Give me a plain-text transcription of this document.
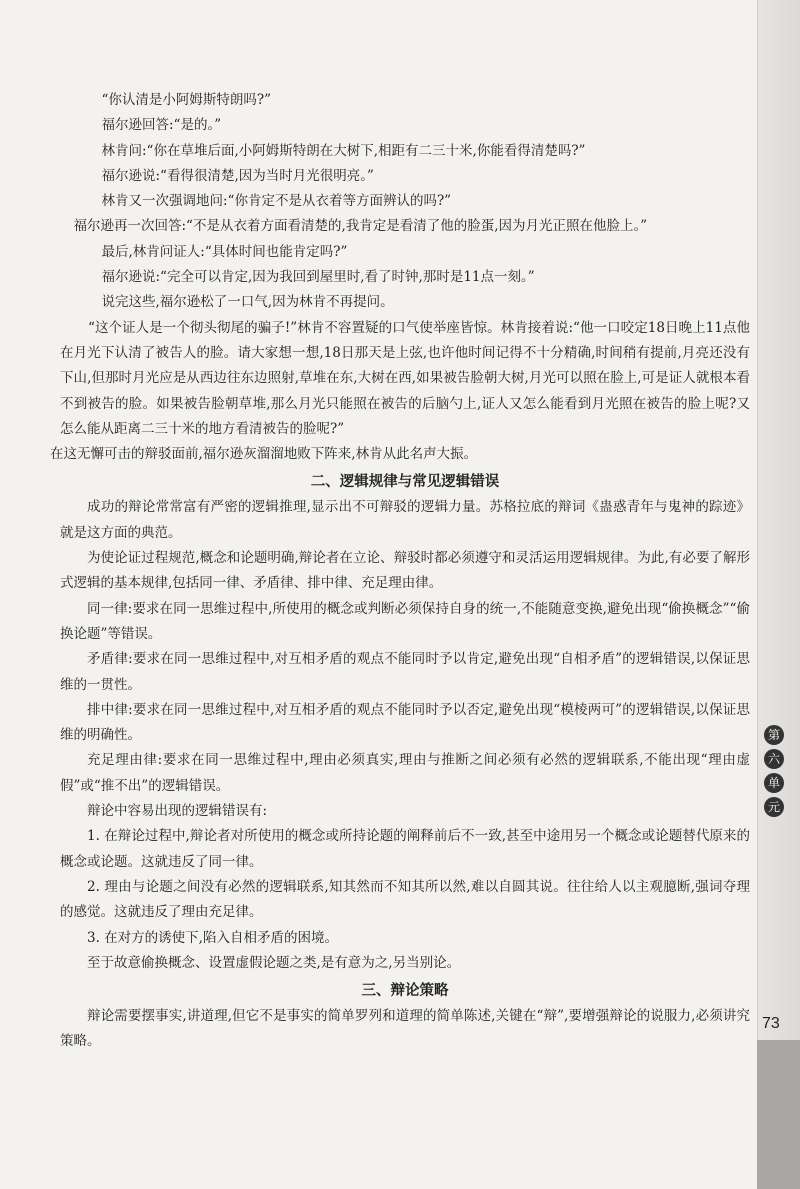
第
六
单
元
73

“你认清是小阿姆斯特朗吗?”

福尔逊回答:“是的。”

林肯问:“你在草堆后面,小阿姆斯特朗在大树下,相距有二三十米,你能看得清楚吗?”

福尔逊说:“看得很清楚,因为当时月光很明亮。”

林肯又一次强调地问:“你肯定不是从衣着等方面辨认的吗?”

福尔逊再一次回答:“不是从衣着方面看清楚的,我肯定是看清了他的脸蛋,因为月光正照在他脸上。”

最后,林肯问证人:“具体时间也能肯定吗?”

福尔逊说:“完全可以肯定,因为我回到屋里时,看了时钟,那时是11点一刻。”

说完这些,福尔逊松了一口气,因为林肯不再提问。

“这个证人是一个彻头彻尾的骗子!”林肯不容置疑的口气使举座皆惊。林肯接着说:“他一口咬定18日晚上11点他在月光下认清了被告人的脸。请大家想一想,18日那天是上弦,也许他时间记得不十分精确,时间稍有提前,月亮还没有下山,但那时月光应是从西边往东边照射,草堆在东,大树在西,如果被告脸朝大树,月光可以照在脸上,可是证人就根本看不到被告的脸。如果被告脸朝草堆,那么月光只能照在被告的后脑勺上,证人又怎么能看到月光照在被告的脸上呢?又怎么能从距离二三十米的地方看清被告的脸呢?”

在这无懈可击的辩驳面前,福尔逊灰溜溜地败下阵来,林肯从此名声大振。

二、逻辑规律与常见逻辑错误

成功的辩论常常富有严密的逻辑推理,显示出不可辩驳的逻辑力量。苏格拉底的辩词《蛊惑青年与鬼神的踪迹》就是这方面的典范。

为使论证过程规范,概念和论题明确,辩论者在立论、辩驳时都必须遵守和灵活运用逻辑规律。为此,有必要了解形式逻辑的基本规律,包括同一律、矛盾律、排中律、充足理由律。

同一律:要求在同一思维过程中,所使用的概念或判断必须保持自身的统一,不能随意变换,避免出现“偷换概念”“偷换论题”等错误。

矛盾律:要求在同一思维过程中,对互相矛盾的观点不能同时予以肯定,避免出现“自相矛盾”的逻辑错误,以保证思维的一贯性。

排中律:要求在同一思维过程中,对互相矛盾的观点不能同时予以否定,避免出现“模棱两可”的逻辑错误,以保证思维的明确性。

充足理由律:要求在同一思维过程中,理由必须真实,理由与推断之间必须有必然的逻辑联系,不能出现“理由虚假”或“推不出”的逻辑错误。

辩论中容易出现的逻辑错误有:

1. 在辩论过程中,辩论者对所使用的概念或所持论题的阐释前后不一致,甚至中途用另一个概念或论题替代原来的概念或论题。这就违反了同一律。

2. 理由与论题之间没有必然的逻辑联系,知其然而不知其所以然,难以自圆其说。往往给人以主观臆断,强词夺理的感觉。这就违反了理由充足律。

3. 在对方的诱使下,陷入自相矛盾的困境。

至于故意偷换概念、设置虚假论题之类,是有意为之,另当别论。

三、辩论策略

辩论需要摆事实,讲道理,但它不是事实的简单罗列和道理的简单陈述,关键在“辩”,要增强辩论的说服力,必须讲究策略。
